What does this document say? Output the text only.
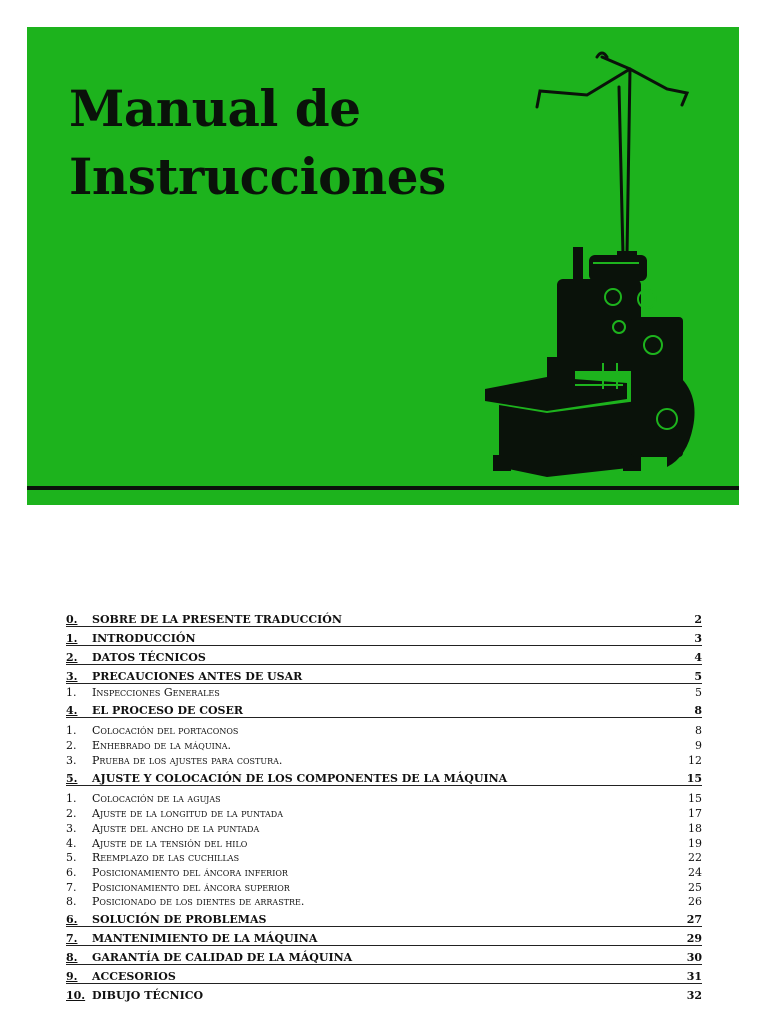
Manual de
Instrucciones
0.	SOBRE DE LA PRESENTE TRADUCCIÓN	2
1.	INTRODUCCIÓN	3
2.	DATOS TÉCNICOS	4
3.	PRECAUCIONES ANTES DE USAR	5
1.	Inspecciones Generales	5
4.	EL PROCESO DE COSER	8
1.	Colocación del portaconos	8
2.	Enhebrado de la máquina.	9
3.	Prueba de los ajustes para costura.	12
5.	AJUSTE Y COLOCACIÓN DE LOS COMPONENTES DE LA MÁQUINA	15
1.	Colocación de la agujas	15
2.	Ajuste de la longitud de la puntada	17
3.	Ajuste del ancho de la puntada	18
4.	Ajuste de la tensión del hilo	19
5.	Reemplazo de las cuchillas	22
6.	Posicionamiento del áncora inferior	24
7.	Posicionamiento del áncora superior	25
8.	Posicionado de los dientes de arrastre.	26
6.	SOLUCIÓN DE PROBLEMAS	27
7.	MANTENIMIENTO DE LA MÁQUINA	29
8.	GARANTÍA DE CALIDAD DE LA MÁQUINA	30
9.	ACCESORIOS	31
10. DIBUJO TÉCNICO	32
